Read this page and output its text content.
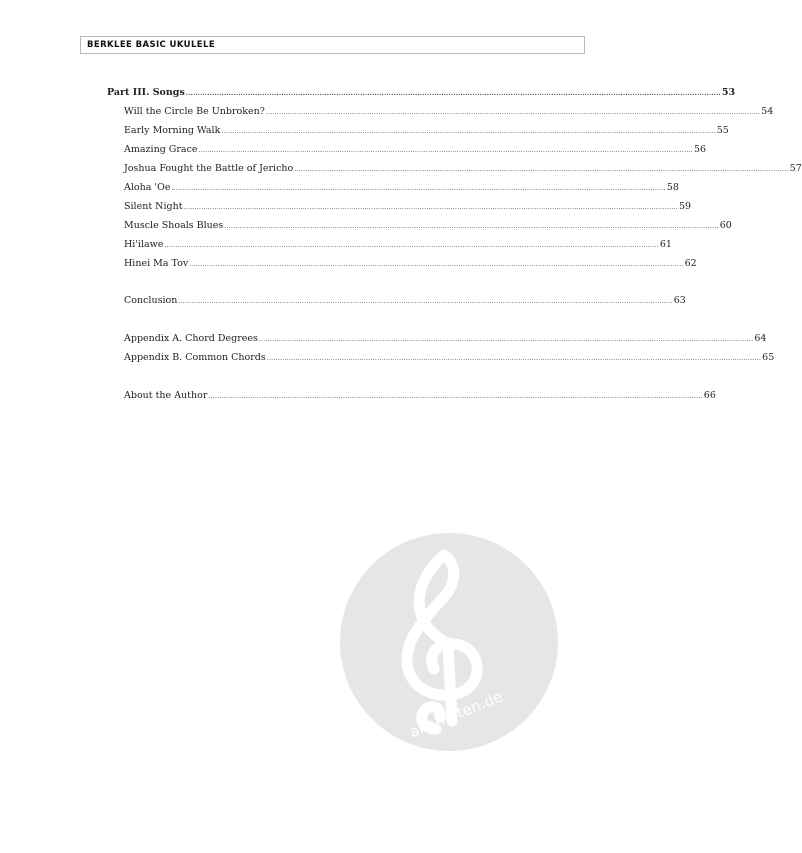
BERKLEE BASIC UKULELE
Part III. Songs ................................................................................................................................................................................................................................ 53
Will the Circle Be Unbroken? ................................................................................................................................................................................................................................ 54
Early Morning Walk ................................................................................................................................................................................................................................ 55
Amazing Grace ................................................................................................................................................................................................................................ 56
Joshua Fought the Battle of Jericho ................................................................................................................................................................................................................................ 57
Aloha 'Oe ................................................................................................................................................................................................................................ 58
Silent Night ................................................................................................................................................................................................................................ 59
Muscle Shoals Blues ................................................................................................................................................................................................................................ 60
Hi'ilawe ................................................................................................................................................................................................................................ 61
Hinei Ma Tov ................................................................................................................................................................................................................................ 62
Conclusion ................................................................................................................................................................................................................................ 63
Appendix A. Chord Degrees ................................................................................................................................................................................................................................ 64
Appendix B. Common Chords ................................................................................................................................................................................................................................ 65
About the Author ................................................................................................................................................................................................................................ 66
alle-noten.de
